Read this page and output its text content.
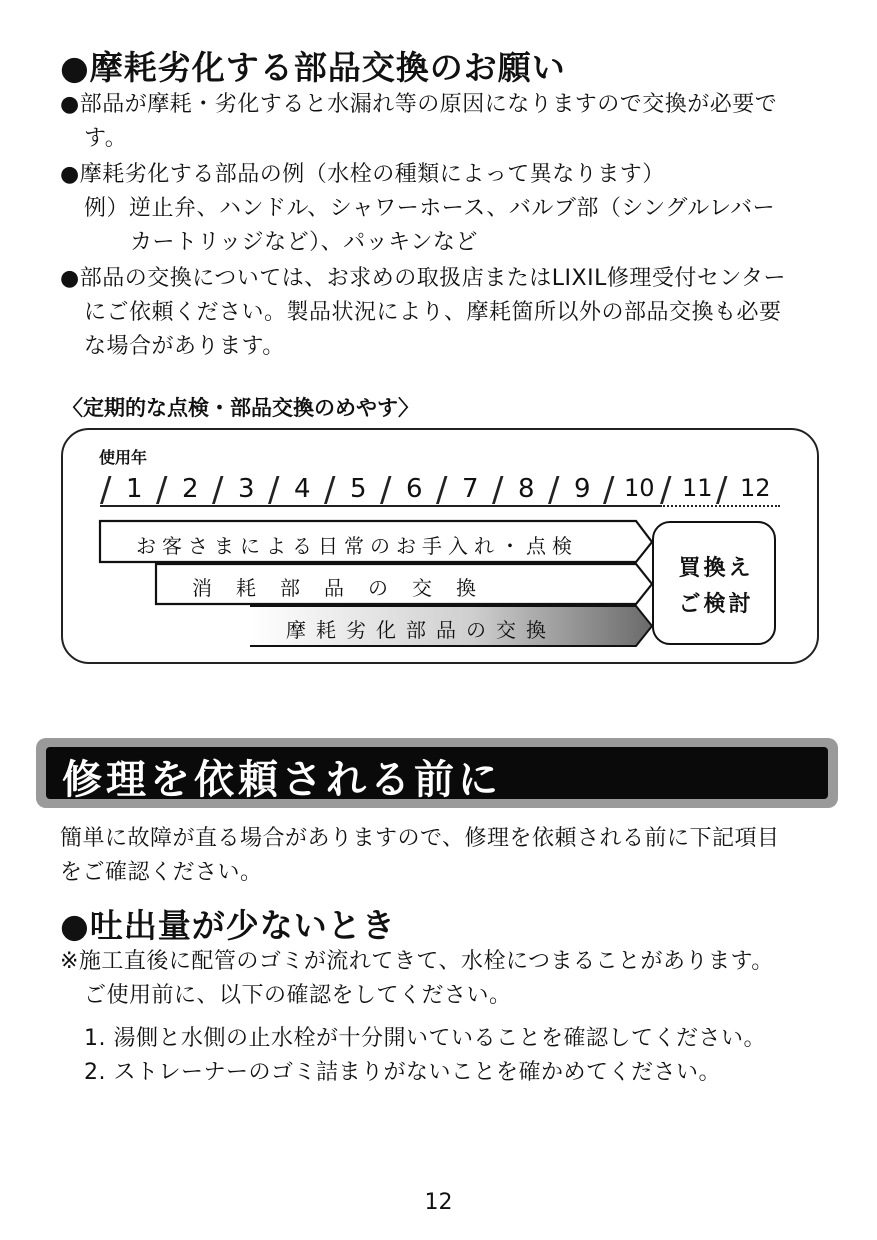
●摩耗劣化する部品交換のお願い
●部品が摩耗・劣化すると水漏れ等の原因になりますので交換が必要で
す。
●摩耗劣化する部品の例（水栓の種類によって異なります）
例）逆止弁、ハンドル、シャワーホース、バルブ部（シングルレバー
カートリッジなど）、パッキンなど
●部品の交換については、お求めの取扱店またはLIXIL修理受付センター
にご依頼ください。製品状況により、摩耗箇所以外の部品交換も必要
な場合があります。
〈定期的な点検・部品交換のめやす〉
使用年
/ 1 / 2 / 3 / 4 / 5 / 6 / 7 / 8 / 9 / 10 / 11 / 12
お客さまによる日常のお手入れ・点検
消　耗　部　品　の　交　換
摩耗劣化部品の交換
買換え
ご検討
修理を依頼される前に
簡単に故障が直る場合がありますので、修理を依頼される前に下記項目
をご確認ください。
●吐出量が少ないとき
※施工直後に配管のゴミが流れてきて、水栓につまることがあります。
ご使用前に、以下の確認をしてください。
1. 湯側と水側の止水栓が十分開いていることを確認してください。
2. ストレーナーのゴミ詰まりがないことを確かめてください。
12
